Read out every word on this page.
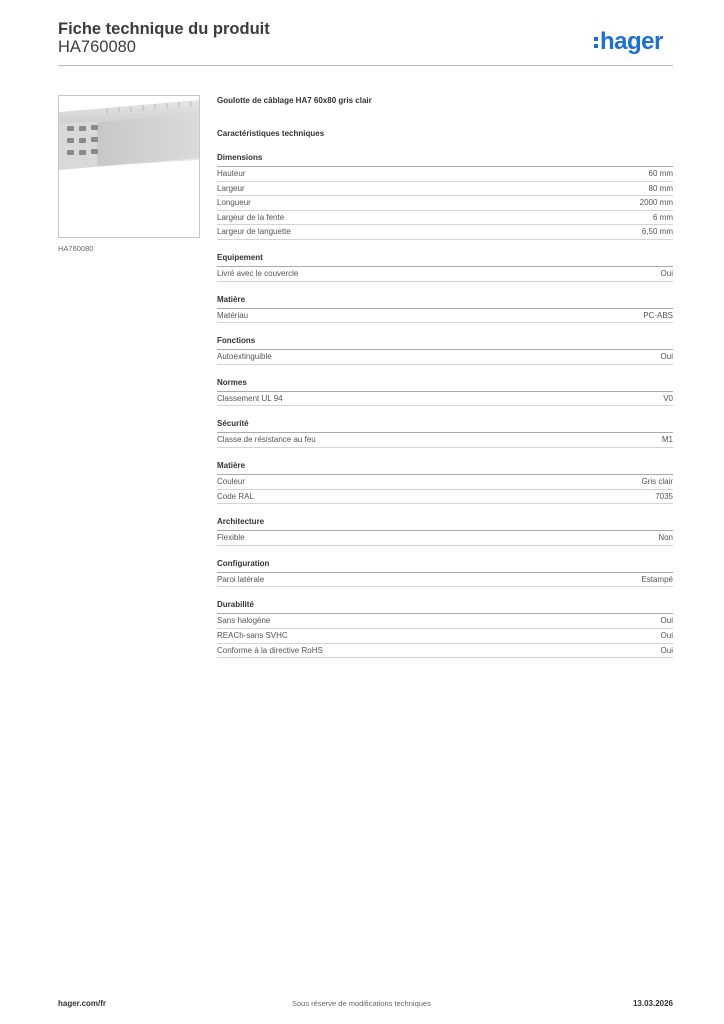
Fiche technique du produit
HA760080	hager
HA760080
Goulotte de câblage HA7 60x80 gris clair
Caractéristiques techniques
Dimensions
Hauteur	60 mm
Largeur	80 mm
Longueur	2000 mm
Largeur de la fente	6 mm
Largeur de languette	6,50 mm
Equipement
Livré avec le couvercle	Oui
Matière
Matériau	PC-ABS
Fonctions
Autoextinguible	Oui
Normes
Classement UL 94	V0
Sécurité
Classe de résistance au feu	M1
Matière
Couleur	Gris clair
Code RAL	7035
Architecture
Flexible	Non
Configuration
Paroi latérale	Estampé
Durabilité
Sans halogène	Oui
REACh-sans SVHC	Oui
Conforme à la directive RoHS	Oui
hager.com/fr	Sous réserve de modifications techniques	13.03.2026
